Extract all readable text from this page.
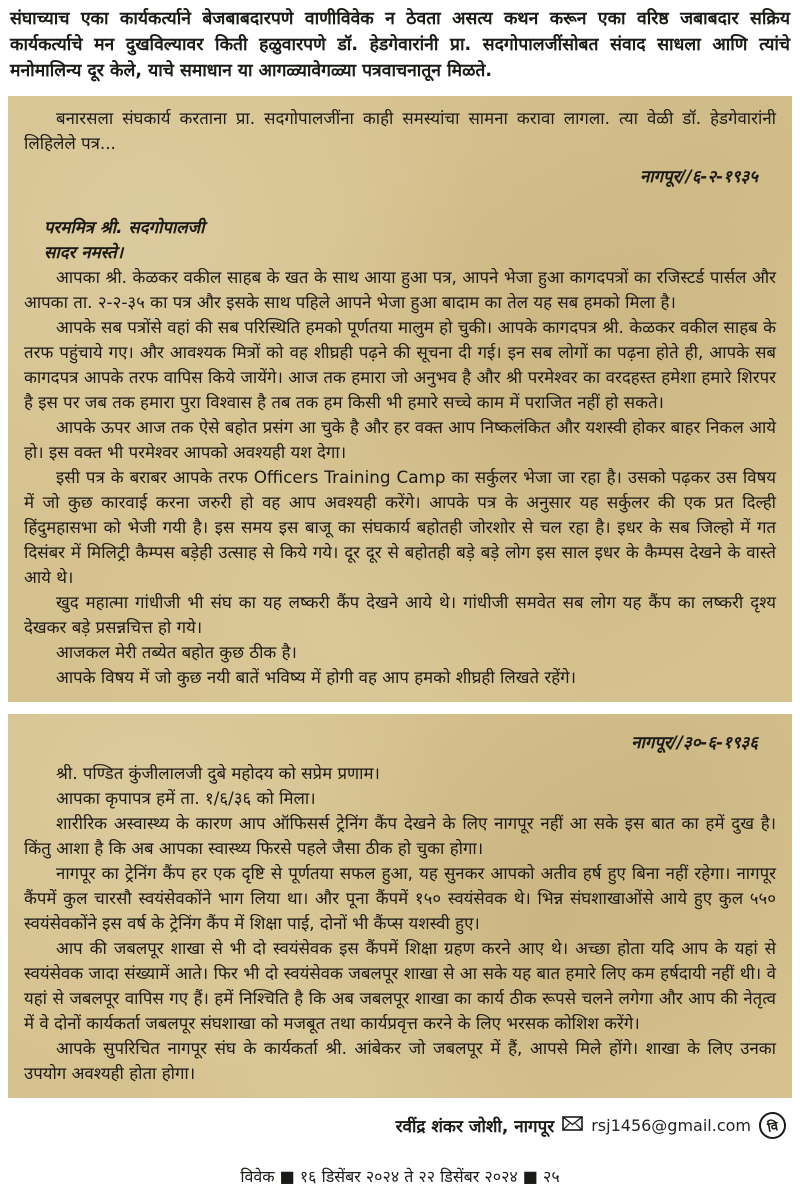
संघाच्याच एका कार्यकर्त्याने बेजबाबदारपणे वाणीविवेक न ठेवता असत्य कथन करून एका वरिष्ठ जबाबदार सक्रिय कार्यकर्त्याचे मन दुखविल्यावर किती हळुवारपणे डॉ. हेडगेवारांनी प्रा. सदगोपालजींसोबत संवाद साधला आणि त्यांचे मनोमालिन्य दूर केले, याचे समाधान या आगळ्यावेगळ्या पत्रवाचनातून मिळते.

बनारसला संघकार्य करताना प्रा. सदगोपालजींना काही समस्यांचा सामना करावा लागला. त्या वेळी डॉ. हेडगेवारांनी लिहिलेले पत्र...

नागपूर//६-२-१९३५

परममित्र श्री. सदगोपालजी

सादर नमस्ते।

आपका श्री. केळकर वकील साहब के खत के साथ आया हुआ पत्र, आपने भेजा हुआ कागदपत्रों का रजिस्टर्ड पार्सल और आपका ता. २-२-३५ का पत्र और इसके साथ पहिले आपने भेजा हुआ बादाम का तेल यह सब हमको मिला है।

आपके सब पत्रोंसे वहां की सब परिस्थिति हमको पूर्णतया मालुम हो चुकी। आपके कागदपत्र श्री. केळकर वकील साहब के तरफ पहुंचाये गए। और आवश्यक मित्रों को वह शीघ्रही पढ़ने की सूचना दी गई। इन सब लोगों का पढ़ना होते ही, आपके सब कागदपत्र आपके तरफ वापिस किये जायेंगे। आज तक हमारा जो अनुभव है और श्री परमेश्वर का वरदहस्त हमेशा हमारे शिरपर है इस पर जब तक हमारा पुरा विश्वास है तब तक हम किसी भी हमारे सच्चे काम में पराजित नहीं हो सकते।

आपके ऊपर आज तक ऐसे बहोत प्रसंग आ चुके है और हर वक्त आप निष्कलंकित और यशस्वी होकर बाहर निकल आये हो। इस वक्त भी परमेश्वर आपको अवश्यही यश देगा।

इसी पत्र के बराबर आपके तरफ Officers Training Camp का सर्कुलर भेजा जा रहा है। उसको पढ़कर उस विषय में जो कुछ कारवाई करना जरुरी हो वह आप अवश्यही करेंगे। आपके पत्र के अनुसार यह सर्कुलर की एक प्रत दिल्ही हिंदुमहासभा को भेजी गयी है। इस समय इस बाजू का संघकार्य बहोतही जोरशोर से चल रहा है। इधर के सब जिल्हो में गत दिसंबर में मिलिट्री कैम्पस बड़ेही उत्साह से किये गये। दूर दूर से बहोतही बड़े बड़े लोग इस साल इधर के कैम्पस देखने के वास्ते आये थे।

खुद महात्मा गांधीजी भी संघ का यह लष्करी कैंप देखने आये थे। गांधीजी समवेत सब लोग यह कैंप का लष्करी दृश्य देखकर बड़े प्रसन्नचित्त हो गये।

आजकल मेरी तब्येत बहोत कुछ ठीक है।

आपके विषय में जो कुछ नयी बातें भविष्य में होगी वह आप हमको शीघ्रही लिखते रहेंगे।

नागपूर//३०-६-१९३६

श्री. पण्डित कुंजीलालजी दुबे महोदय को सप्रेम प्रणाम।

आपका कृपापत्र हमें ता. १/६/३६ को मिला।

शारीरिक अस्वास्थ्य के कारण आप ऑफिसर्स ट्रेनिंग कैंप देखने के लिए नागपूर नहीं आ सके इस बात का हमें दुख है। किंतु आशा है कि अब आपका स्वास्थ्य फिरसे पहले जैसा ठीक हो चुका होगा।

नागपूर का ट्रेनिंग कैंप हर एक दृष्टि से पूर्णतया सफल हुआ, यह सुनकर आपको अतीव हर्ष हुए बिना नहीं रहेगा। नागपूर कैंपमें कुल चारसौ स्वयंसेवकोंने भाग लिया था। और पूना कैंपमें १५० स्वयंसेवक थे। भिन्न संघशाखाओंसे आये हुए कुल ५५० स्वयंसेवकोंने इस वर्ष के ट्रेनिंग कैंप में शिक्षा पाई, दोनों भी कैंप्स यशस्वी हुए।

आप की जबलपूर शाखा से भी दो स्वयंसेवक इस कैंपमें शिक्षा ग्रहण करने आए थे। अच्छा होता यदि आप के यहां से स्वयंसेवक जादा संख्यामें आते। फिर भी दो स्वयंसेवक जबलपूर शाखा से आ सके यह बात हमारे लिए कम हर्षदायी नहीं थी। वे यहां से जबलपूर वापिस गए हैं। हमें निश्चिति है कि अब जबलपूर शाखा का कार्य ठीक रूपसे चलने लगेगा और आप की नेतृत्व में वे दोनों कार्यकर्ता जबलपूर संघशाखा को मजबूत तथा कार्यप्रवृत्त करने के लिए भरसक कोशिश करेंगे।

आपके सुपरिचित नागपूर संघ के कार्यकर्ता श्री. आंबेकर जो जबलपूर में हैं, आपसे मिले होंगे। शाखा के लिए उनका उपयोग अवश्यही होता होगा।

रवींद्र शंकर जोशी, नागपूर rsj1456@gmail.com	वि
विवेक ■ १६ डिसेंबर २०२४ ते २२ डिसेंबर २०२४ ■ २५
